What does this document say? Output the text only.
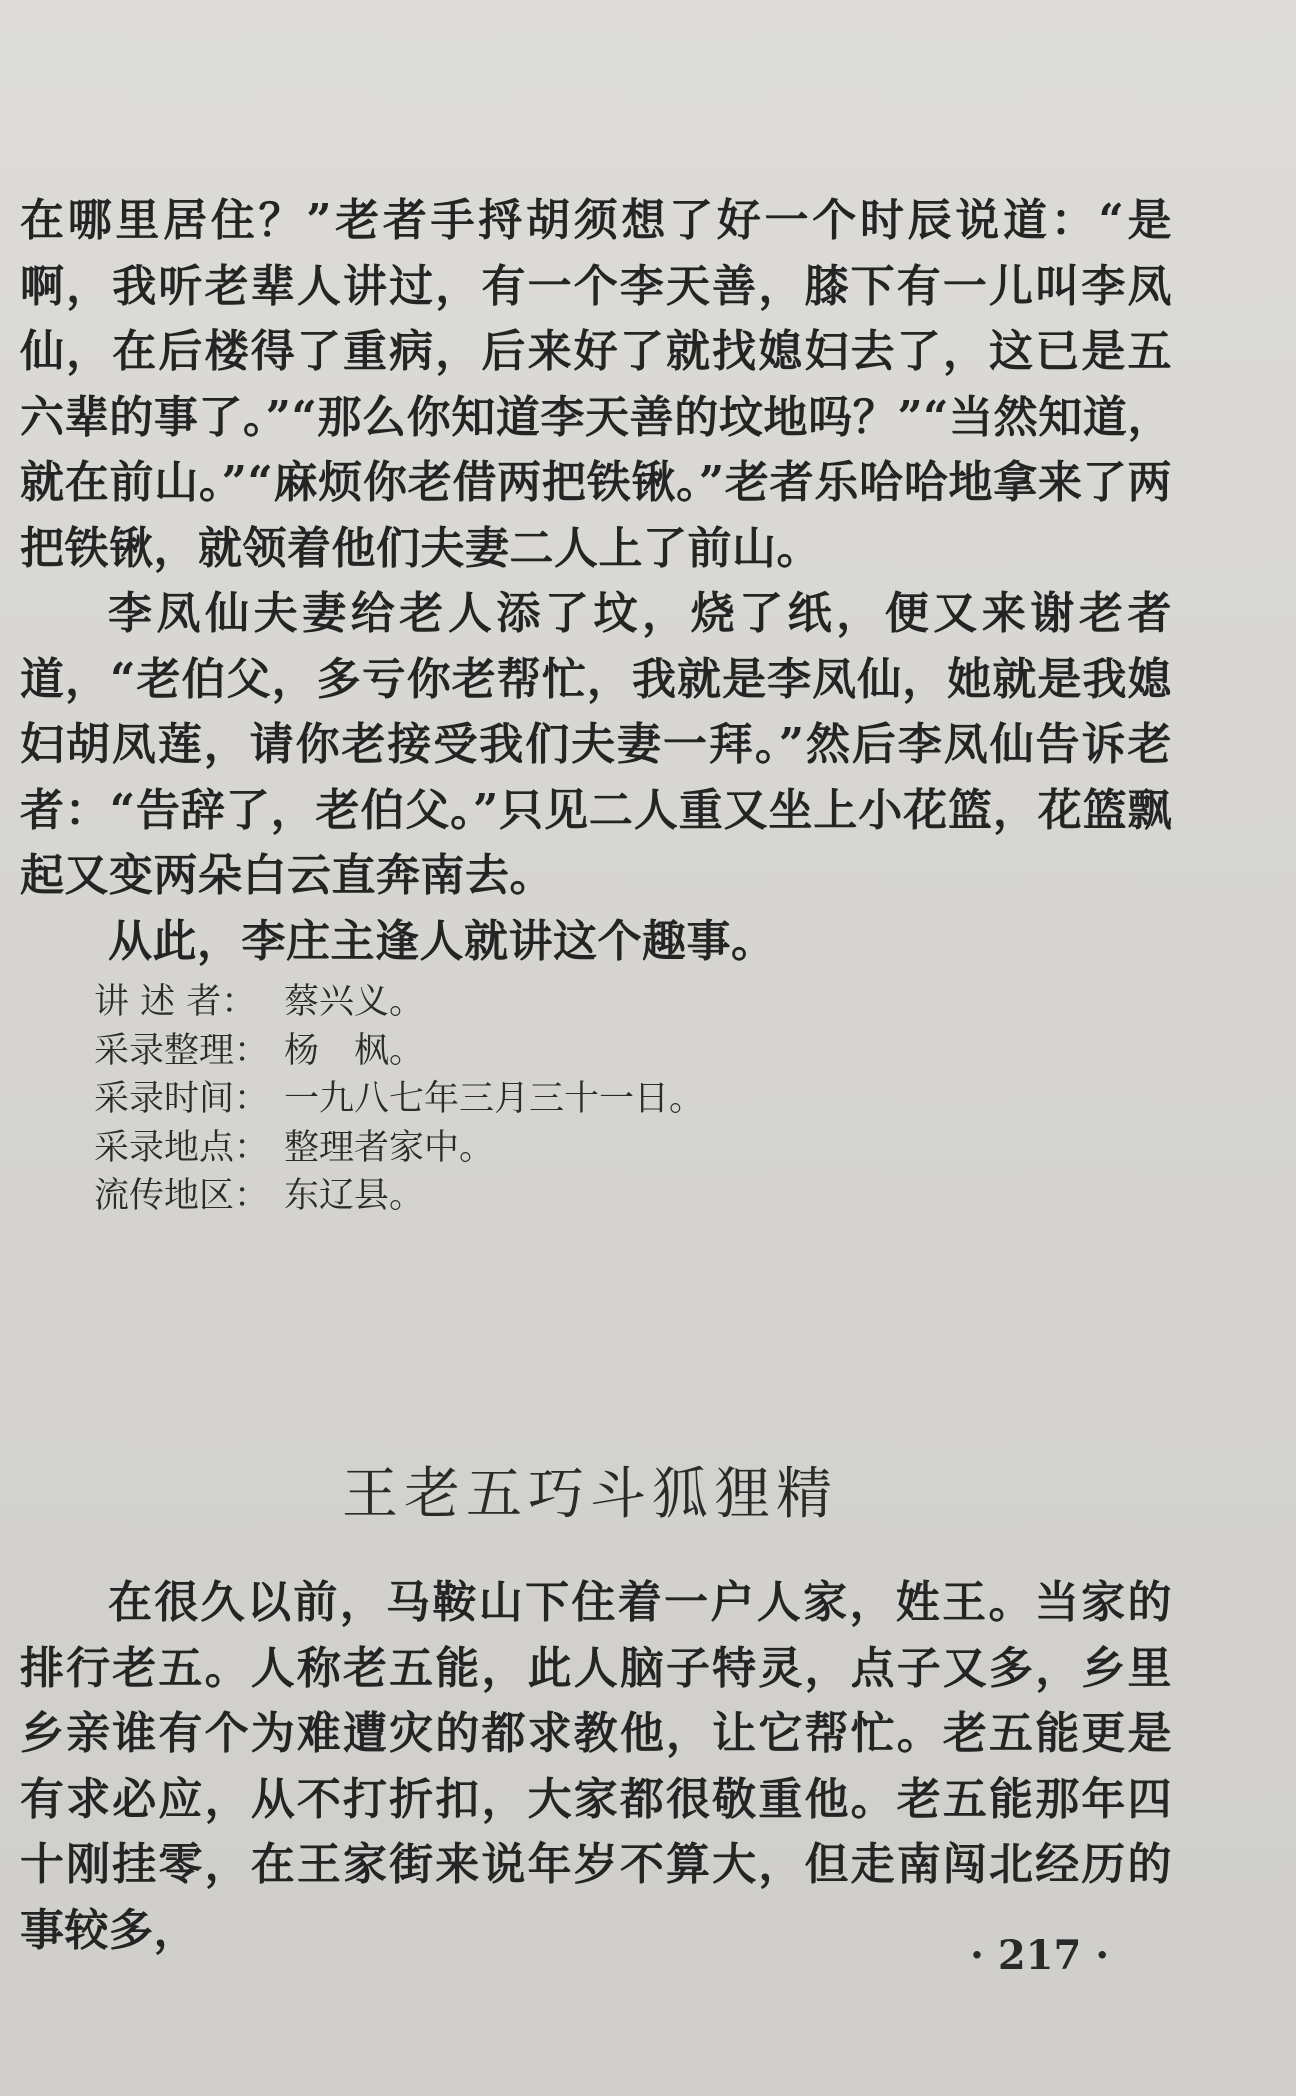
在哪里居住？”老者手捋胡须想了好一个时辰说道：“是啊，我听老辈人讲过，有一个李天善，膝下有一儿叫李凤仙，在后楼得了重病，后来好了就找媳妇去了，这已是五六辈的事了。”“那么你知道李天善的坟地吗？”“当然知道，就在前山。”“麻烦你老借两把铁锹。”老者乐哈哈地拿来了两把铁锹，就领着他们夫妻二人上了前山。

李凤仙夫妻给老人添了坟，烧了纸，便又来谢老者道，“老伯父，多亏你老帮忙，我就是李凤仙，她就是我媳妇胡凤莲，请你老接受我们夫妻一拜。”然后李凤仙告诉老者：“告辞了，老伯父。”只见二人重又坐上小花篮，花篮飘起又变两朵白云直奔南去。

从此，李庄主逢人就讲这个趣事。

讲 述 者： 蔡兴义。
采录整理： 杨　枫。
采录时间： 一九八七年三月三十一日。
采录地点： 整理者家中。
流传地区： 东辽县。
王老五巧斗狐狸精

在很久以前，马鞍山下住着一户人家，姓王。当家的排行老五。人称老五能，此人脑子特灵，点子又多，乡里乡亲谁有个为难遭灾的都求教他，让它帮忙。老五能更是有求必应，从不打折扣，大家都很敬重他。老五能那年四十刚挂零，在王家街来说年岁不算大，但走南闯北经历的事较多，	· 217 ·
